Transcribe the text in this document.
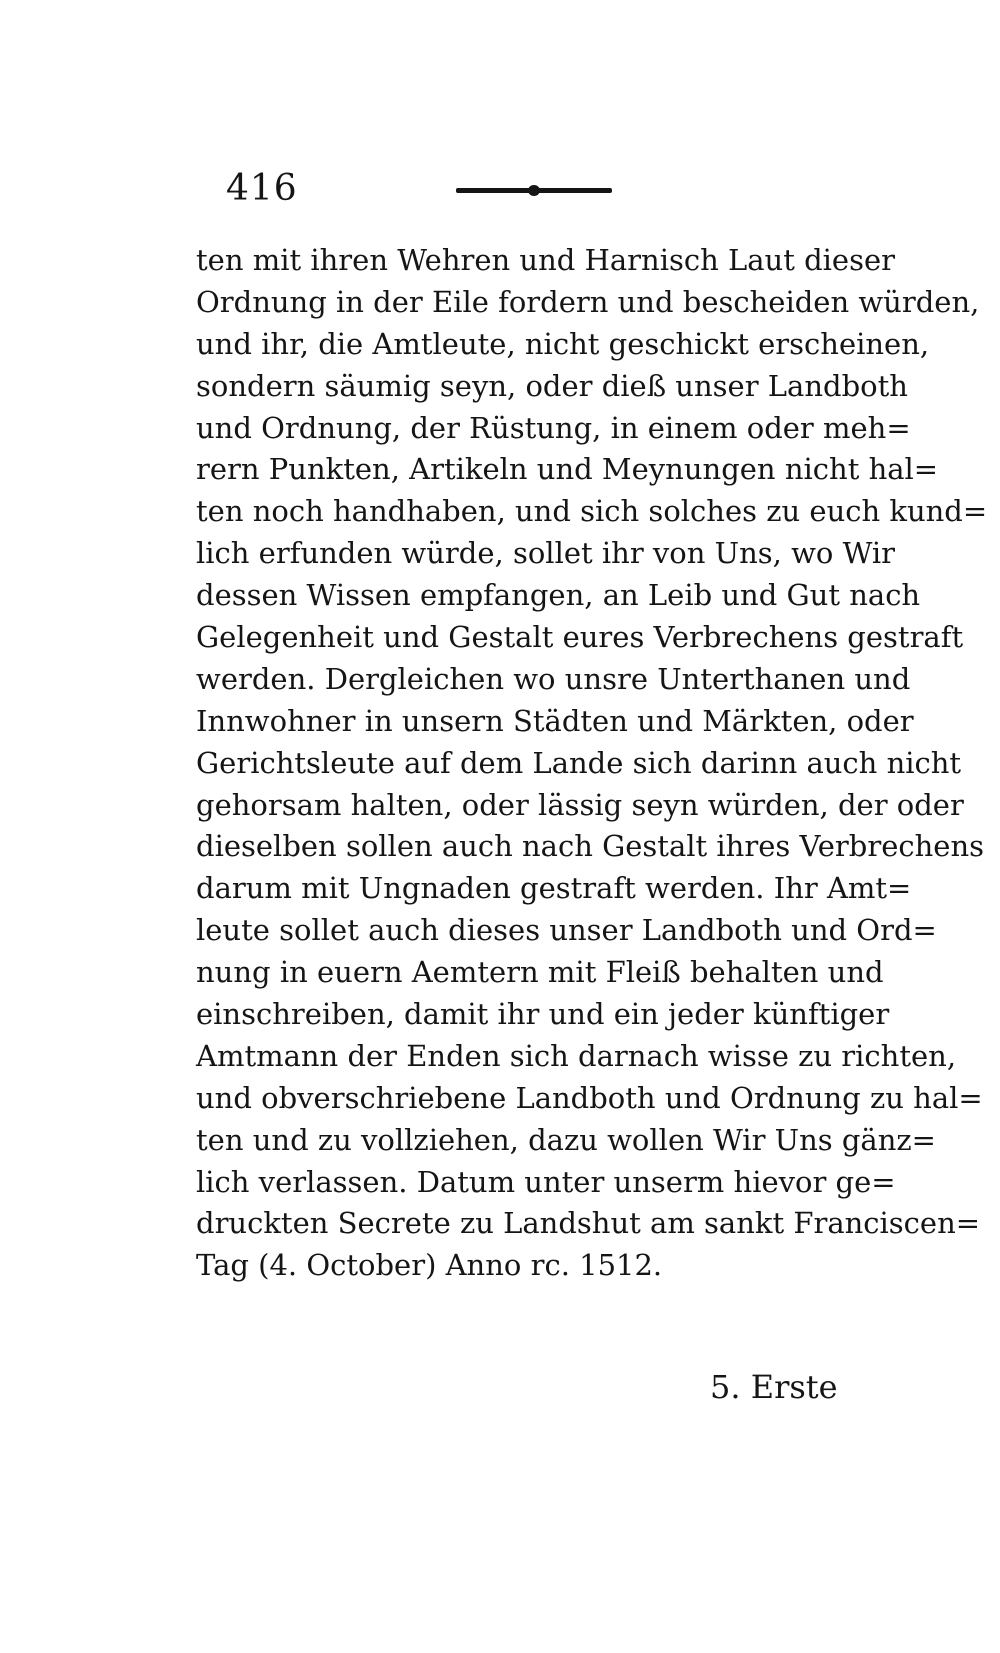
416
ten mit ihren Wehren und Harnisch Laut dieser
Ordnung in der Eile fordern und bescheiden würden,
und ihr, die Amtleute, nicht geschickt erscheinen,
sondern säumig seyn, oder dieß unser Landboth
und Ordnung, der Rüstung, in einem oder meh=
rern Punkten, Artikeln und Meynungen nicht hal=
ten noch handhaben, und sich solches zu euch kund=
lich erfunden würde, sollet ihr von Uns, wo Wir
dessen Wissen empfangen, an Leib und Gut nach
Gelegenheit und Gestalt eures Verbrechens gestraft
werden. Dergleichen wo unsre Unterthanen und
Innwohner in unsern Städten und Märkten, oder
Gerichtsleute auf dem Lande sich darinn auch nicht
gehorsam halten, oder lässig seyn würden, der oder
dieselben sollen auch nach Gestalt ihres Verbrechens
darum mit Ungnaden gestraft werden. Ihr Amt=
leute sollet auch dieses unser Landboth und Ord=
nung in euern Aemtern mit Fleiß behalten und
einschreiben, damit ihr und ein jeder künftiger
Amtmann der Enden sich darnach wisse zu richten,
und obverschriebene Landboth und Ordnung zu hal=
ten und zu vollziehen, dazu wollen Wir Uns gänz=
lich verlassen. Datum unter unserm hievor ge=
druckten Secrete zu Landshut am sankt Franciscen=
Tag (4. October) Anno rc. 1512.
5. Erste
